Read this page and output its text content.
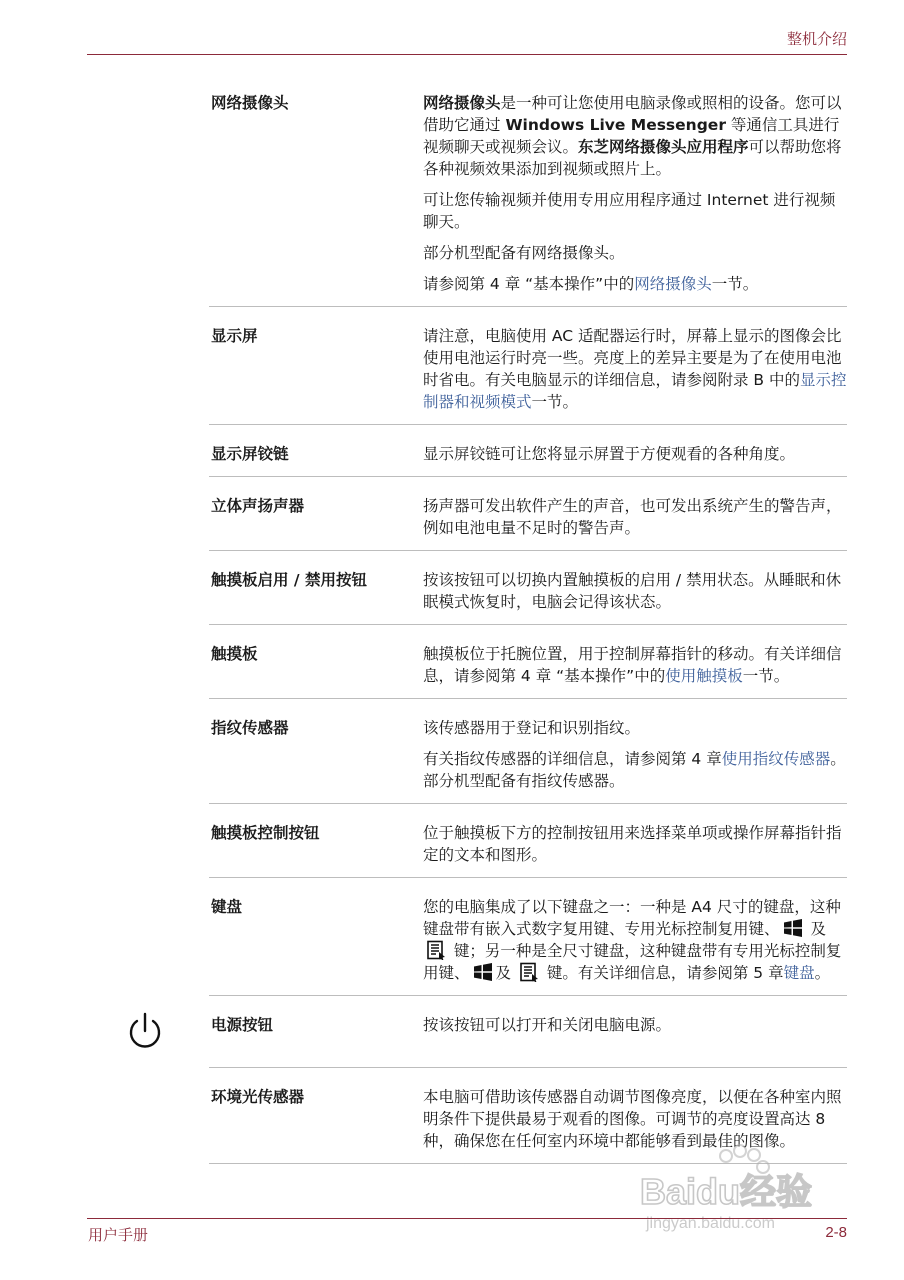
整机介绍
网络摄像头	网络摄像头是一种可让您使用电脑录像或照相的设备。您可以借助它通过 Windows Live Messenger 等通信工具进行视频聊天或视频会议。东芝网络摄像头应用程序可以帮助您将各种视频效果添加到视频或照片上。

可让您传输视频并使用专用应用程序通过 Internet 进行视频聊天。

部分机型配备有网络摄像头。

请参阅第 4 章 “基本操作”中的网络摄像头一节。

显示屏	请注意，电脑使用 AC 适配器运行时，屏幕上显示的图像会比使用电池运行时亮一些。亮度上的差异主要是为了在使用电池时省电。有关电脑显示的详细信息，请参阅附录 B 中的显示控制器和视频模式一节。

显示屏铰链	显示屏铰链可让您将显示屏置于方便观看的各种角度。

立体声扬声器	扬声器可发出软件产生的声音，也可发出系统产生的警告声，例如电池电量不足时的警告声。

触摸板启用 / 禁用按钮	按该按钮可以切换内置触摸板的启用 / 禁用状态。从睡眠和休眠模式恢复时，电脑会记得该状态。

触摸板	触摸板位于托腕位置，用于控制屏幕指针的移动。有关详细信息，请参阅第 4 章 “基本操作”中的使用触摸板一节。

指纹传感器	该传感器用于登记和识别指纹。

有关指纹传感器的详细信息，请参阅第 4 章使用指纹传感器。部分机型配备有指纹传感器。

触摸板控制按钮	位于触摸板下方的控制按钮用来选择菜单项或操作屏幕指针指定的文本和图形。

键盘	您的电脑集成了以下键盘之一：一种是 A4 尺寸的键盘，这种键盘带有嵌入式数字复用键、专用光标控制复用键、 及  键；另一种是全尺寸键盘，这种键盘带有专用光标控制复用键、 及  键。有关详细信息，请参阅第 5 章键盘。

电源按钮	按该按钮可以打开和关闭电脑电源。

环境光传感器	本电脑可借助该传感器自动调节图像亮度，以便在各种室内照明条件下提供最易于观看的图像。可调节的亮度设置高达 8 种，确保您在任何室内环境中都能够看到最佳的图像。

Baidu经验
jingyan.baidu.com
用户手册	2-8
